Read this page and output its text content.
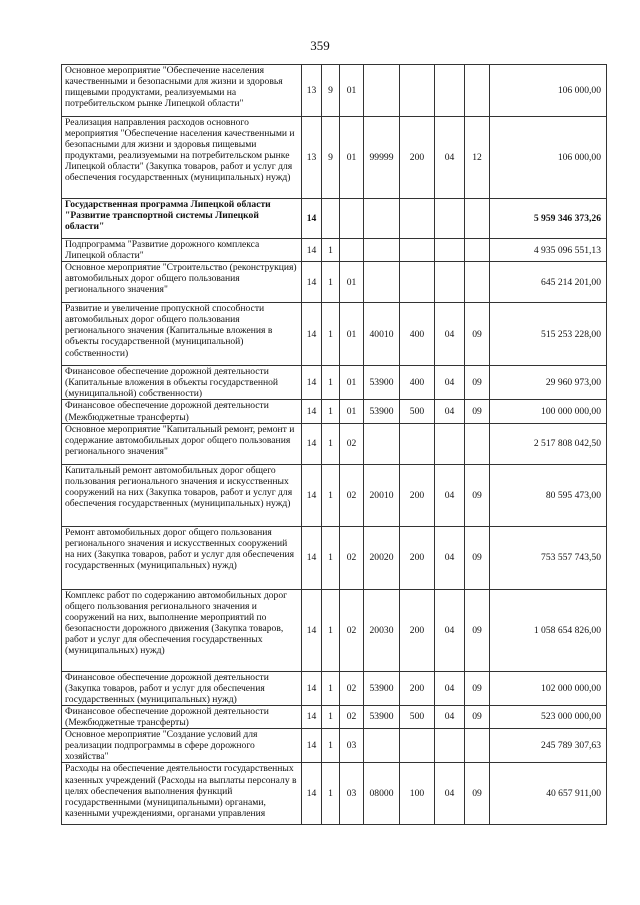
359
Основное мероприятие "Обеспечение населения качественными и безопасными для жизни и здоровья пищевыми продуктами, реализуемыми на потребительском рынке Липецкой области"	13	9	01					106 000,00
Реализация направления расходов основного мероприятия "Обеспечение населения качественными и безопасными для жизни и здоровья пищевыми продуктами, реализуемыми на потребительском рынке Липецкой области" (Закупка товаров, работ и услуг для обеспечения государственных (муниципальных) нужд)	13	9	01	99999	200	04	12	106 000,00
Государственная программа Липецкой области "Развитие транспортной системы Липецкой области"	14							5 959 346 373,26
Подпрограмма "Развитие дорожного комплекса Липецкой области"	14	1						4 935 096 551,13
Основное мероприятие "Строительство (реконструкция) автомобильных дорог общего пользования регионального значения"	14	1	01					645 214 201,00
Развитие и увеличение пропускной способности автомобильных дорог общего пользования регионального значения (Капитальные вложения в объекты государственной (муниципальной) собственности)	14	1	01	40010	400	04	09	515 253 228,00
Финансовое обеспечение дорожной деятельности (Капитальные вложения в объекты государственной (муниципальной) собственности)	14	1	01	53900	400	04	09	29 960 973,00
Финансовое обеспечение дорожной деятельности (Межбюджетные трансферты)	14	1	01	53900	500	04	09	100 000 000,00
Основное мероприятие "Капитальный ремонт, ремонт и содержание автомобильных дорог общего пользования регионального значения"	14	1	02					2 517 808 042,50
Капитальный ремонт автомобильных дорог общего пользования регионального значения и искусственных сооружений на них (Закупка товаров, работ и услуг для обеспечения государственных (муниципальных) нужд)	14	1	02	20010	200	04	09	80 595 473,00
Ремонт автомобильных дорог общего пользования регионального значения и искусственных сооружений на них (Закупка товаров, работ и услуг для обеспечения государственных (муниципальных) нужд)	14	1	02	20020	200	04	09	753 557 743,50
Комплекс работ по содержанию автомобильных дорог общего пользования регионального значения и сооружений на них, выполнение мероприятий по безопасности дорожного движения (Закупка товаров, работ и услуг для обеспечения государственных (муниципальных) нужд)	14	1	02	20030	200	04	09	1 058 654 826,00
Финансовое обеспечение дорожной деятельности (Закупка товаров, работ и услуг для обеспечения государственных (муниципальных) нужд)	14	1	02	53900	200	04	09	102 000 000,00
Финансовое обеспечение дорожной деятельности (Межбюджетные трансферты)	14	1	02	53900	500	04	09	523 000 000,00
Основное мероприятие "Создание условий для реализации подпрограммы в сфере дорожного хозяйства"	14	1	03					245 789 307,63
Расходы на обеспечение деятельности государственных казенных учреждений (Расходы на выплаты персоналу в целях обеспечения выполнения функций государственными (муниципальными) органами, казенными учреждениями, органами управления	14	1	03	08000	100	04	09	40 657 911,00
